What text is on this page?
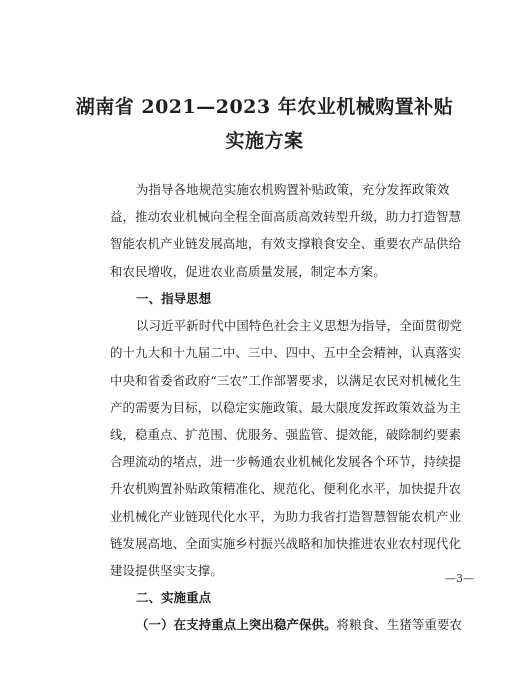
湖南省 2021—2023 年农业机械购置补贴
实施方案
为指导各地规范实施农机购置补贴政策，充分发挥政策效
益，推动农业机械向全程全面高质高效转型升级，助力打造智慧
智能农机产业链发展高地，有效支撑粮食安全、重要农产品供给
和农民增收，促进农业高质量发展，制定本方案。
一、指导思想
以习近平新时代中国特色社会主义思想为指导，全面贯彻党
的十九大和十九届二中、三中、四中、五中全会精神，认真落实
中央和省委省政府“三农”工作部署要求，以满足农民对机械化生
产的需要为目标，以稳定实施政策、最大限度发挥政策效益为主
线，稳重点、扩范围、优服务、强监管、提效能，破除制约要素
合理流动的堵点，进一步畅通农业机械化发展各个环节，持续提
升农机购置补贴政策精准化、规范化、便利化水平，加快提升农
业机械化产业链现代化水平，为助力我省打造智慧智能农机产业
链发展高地、全面实施乡村振兴战略和加快推进农业农村现代化
建设提供坚实支撑。
二、实施重点
（一）在支持重点上突出稳产保供。将粮食、生猪等重要农
—3—
